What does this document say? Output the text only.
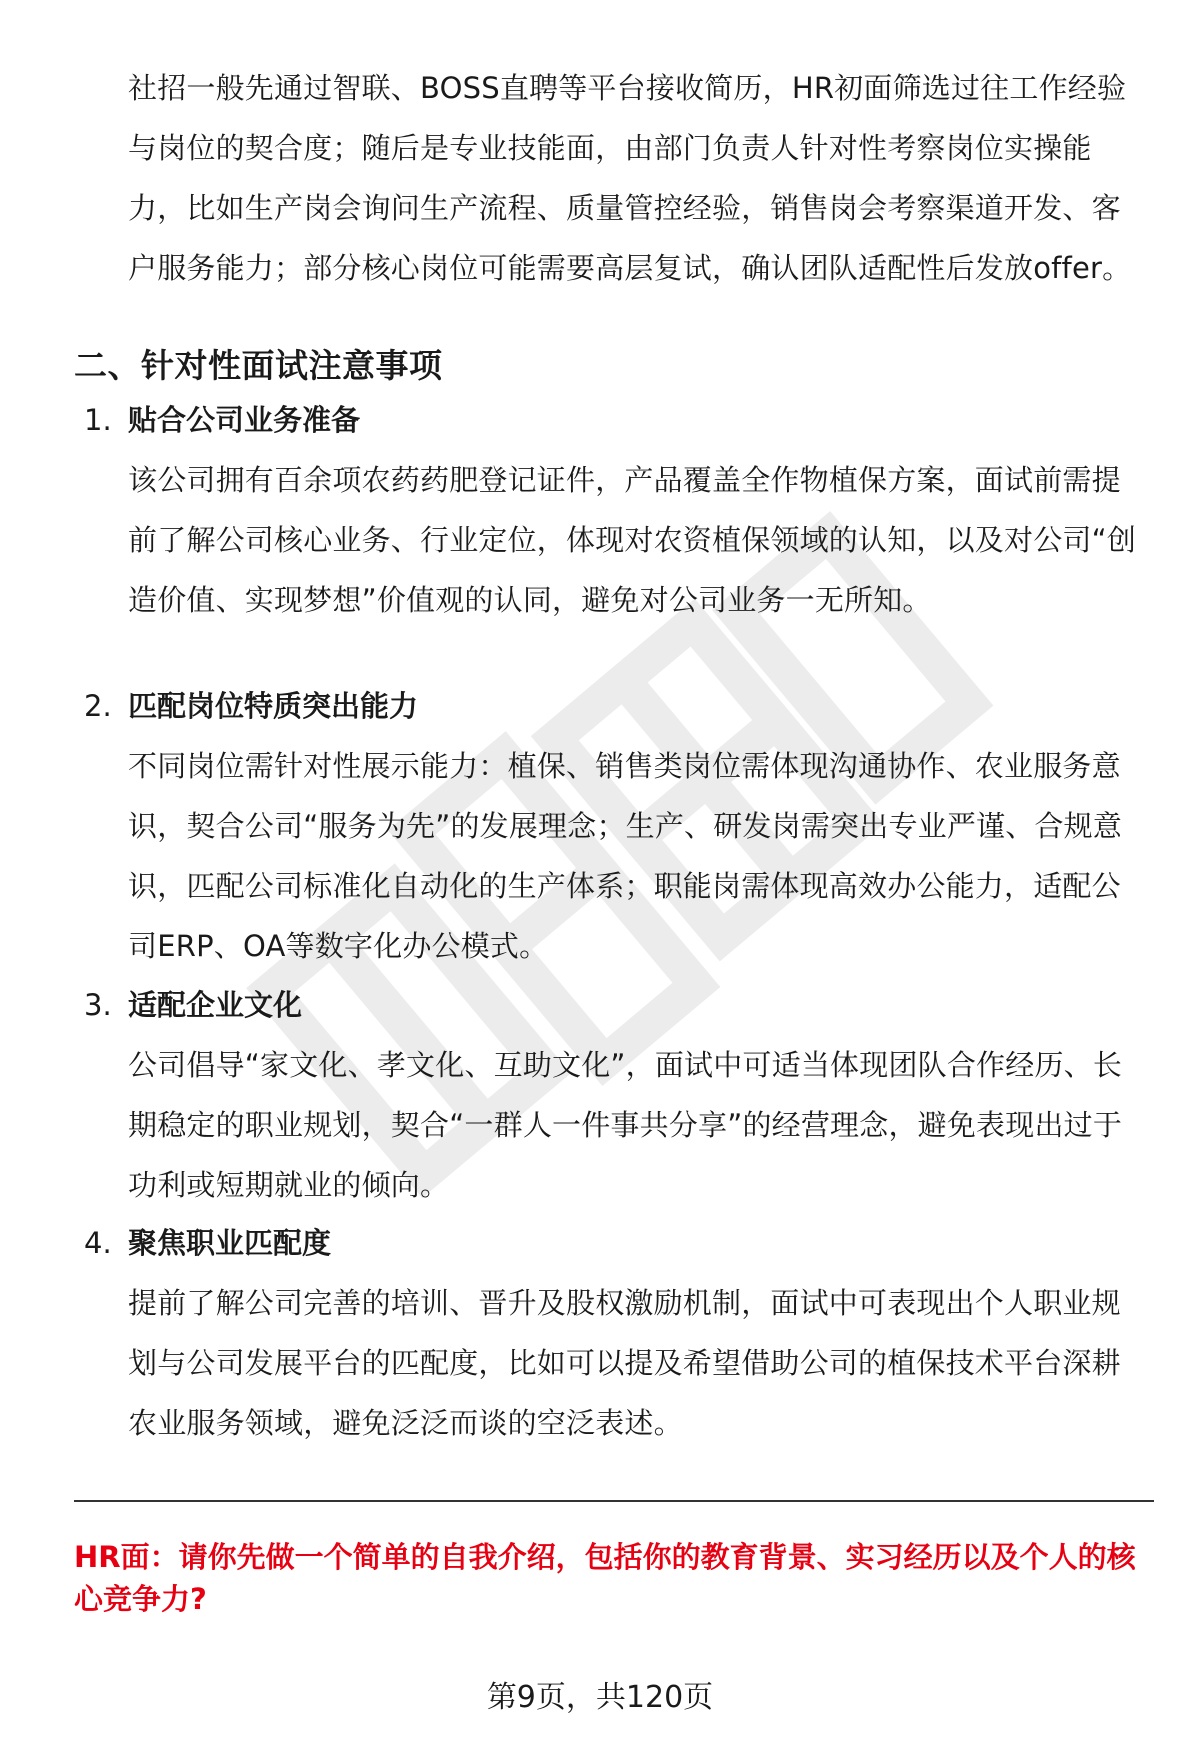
社招一般先通过智联、BOSS直聘等平台接收简历，HR初面筛选过往工作经验与岗位的契合度；随后是专业技能面，由部门负责人针对性考察岗位实操能力，比如生产岗会询问生产流程、质量管控经验，销售岗会考察渠道开发、客户服务能力；部分核心岗位可能需要高层复试，确认团队适配性后发放offer。

二、针对性面试注意事项
1. 贴合公司业务准备

该公司拥有百余项农药药肥登记证件，产品覆盖全作物植保方案，面试前需提前了解公司核心业务、行业定位，体现对农资植保领域的认知，以及对公司“创造价值、实现梦想”价值观的认同，避免对公司业务一无所知。

2. 匹配岗位特质突出能力

不同岗位需针对性展示能力：植保、销售类岗位需体现沟通协作、农业服务意识，契合公司“服务为先”的发展理念；生产、研发岗需突出专业严谨、合规意识，匹配公司标准化自动化的生产体系；职能岗需体现高效办公能力，适配公司ERP、OA等数字化办公模式。

3. 适配企业文化

公司倡导“家文化、孝文化、互助文化”，面试中可适当体现团队合作经历、长期稳定的职业规划，契合“一群人一件事共分享”的经营理念，避免表现出过于功利或短期就业的倾向。

4. 聚焦职业匹配度

提前了解公司完善的培训、晋升及股权激励机制，面试中可表现出个人职业规划与公司发展平台的匹配度，比如可以提及希望借助公司的植保技术平台深耕农业服务领域，避免泛泛而谈的空泛表述。

HR面：请你先做一个简单的自我介绍，包括你的教育背景、实习经历以及个人的核心竞争力?

第9页，共120页
